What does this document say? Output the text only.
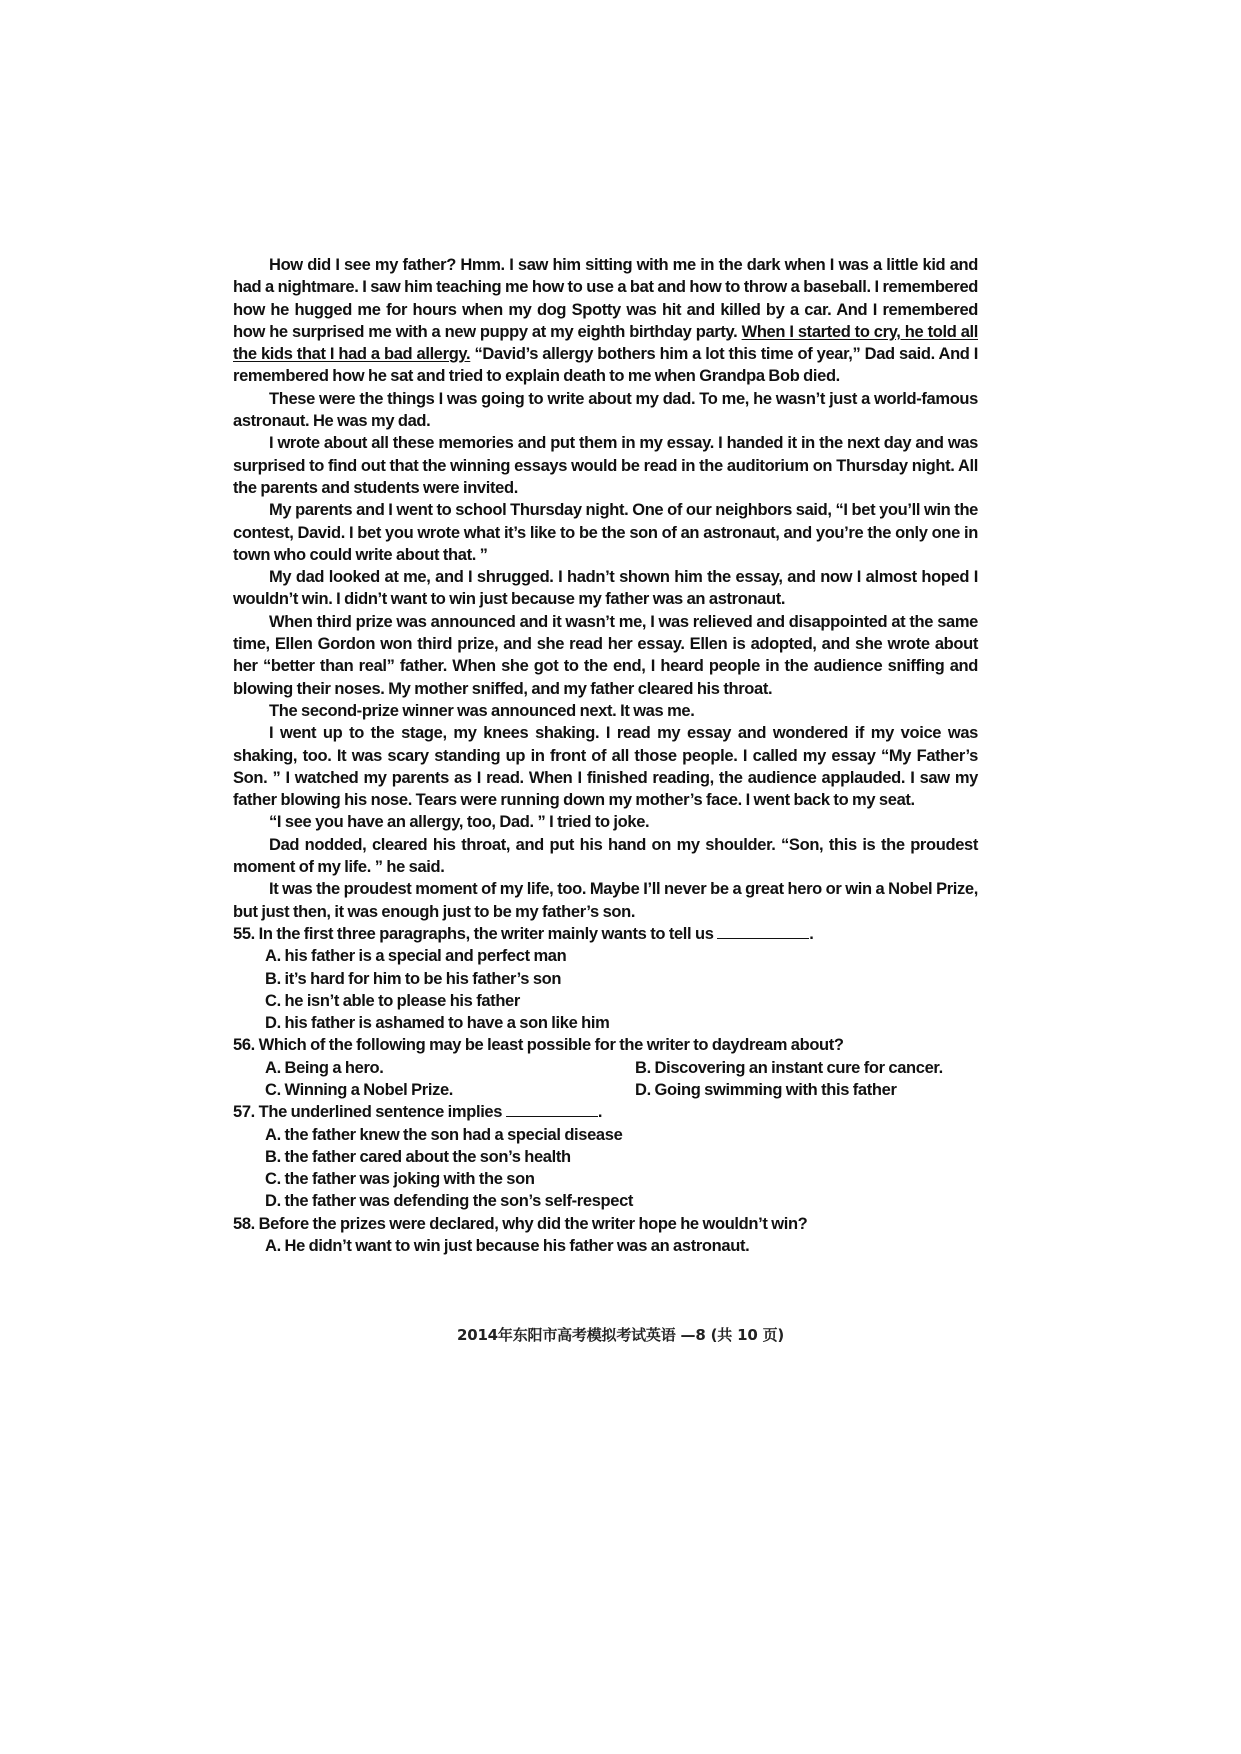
How did I see my father? Hmm. I saw him sitting with me in the dark when I was a little kid and had a nightmare. I saw him teaching me how to use a bat and how to throw a baseball. I remembered how he hugged me for hours when my dog Spotty was hit and killed by a car. And I remembered how he surprised me with a new puppy at my eighth birthday party. When I started to cry, he told all the kids that I had a bad allergy. “David’s allergy bothers him a lot this time of year,” Dad said. And I remembered how he sat and tried to explain death to me when Grandpa Bob died.

These were the things I was going to write about my dad. To me, he wasn’t just a world-famous astronaut. He was my dad.

I wrote about all these memories and put them in my essay. I handed it in the next day and was surprised to find out that the winning essays would be read in the auditorium on Thursday night. All the parents and students were invited.

My parents and I went to school Thursday night. One of our neighbors said, “I bet you’ll win the contest, David. I bet you wrote what it’s like to be the son of an astronaut, and you’re the only one in town who could write about that. ”

My dad looked at me, and I shrugged. I hadn’t shown him the essay, and now I almost hoped I wouldn’t win. I didn’t want to win just because my father was an astronaut.

When third prize was announced and it wasn’t me, I was relieved and disappointed at the same time, Ellen Gordon won third prize, and she read her essay. Ellen is adopted, and she wrote about her “better than real” father. When she got to the end, I heard people in the audience sniffing and blowing their noses. My mother sniffed, and my father cleared his throat.

The second-prize winner was announced next. It was me.

I went up to the stage, my knees shaking. I read my essay and wondered if my voice was shaking, too. It was scary standing up in front of all those people. I called my essay “My Father’s Son. ” I watched my parents as I read. When I finished reading, the audience applauded. I saw my father blowing his nose. Tears were running down my mother’s face. I went back to my seat.

“I see you have an allergy, too, Dad. ” I tried to joke.

Dad nodded, cleared his throat, and put his hand on my shoulder. “Son, this is the proudest moment of my life. ” he said.

It was the proudest moment of my life, too. Maybe I’ll never be a great hero or win a Nobel Prize, but just then, it was enough just to be my father’s son.

55. In the first three paragraphs, the writer mainly wants to tell us	.

A. his father is a special and perfect man

B. it’s hard for him to be his father’s son

C. he isn’t able to please his father

D. his father is ashamed to have a son like him

56. Which of the following may be least possible for the writer to daydream about?

A. Being a hero.	B. Discovering an instant cure for cancer.
C. Winning a Nobel Prize.	D. Going swimming with this father

57. The underlined sentence implies	.

A. the father knew the son had a special disease

B. the father cared about the son’s health

C. the father was joking with the son

D. the father was defending the son’s self-respect

58. Before the prizes were declared, why did the writer hope he wouldn’t win?

A. He didn’t want to win just because his father was an astronaut.

2014年东阳市高考模拟考试英语 —8 (共 10 页)
